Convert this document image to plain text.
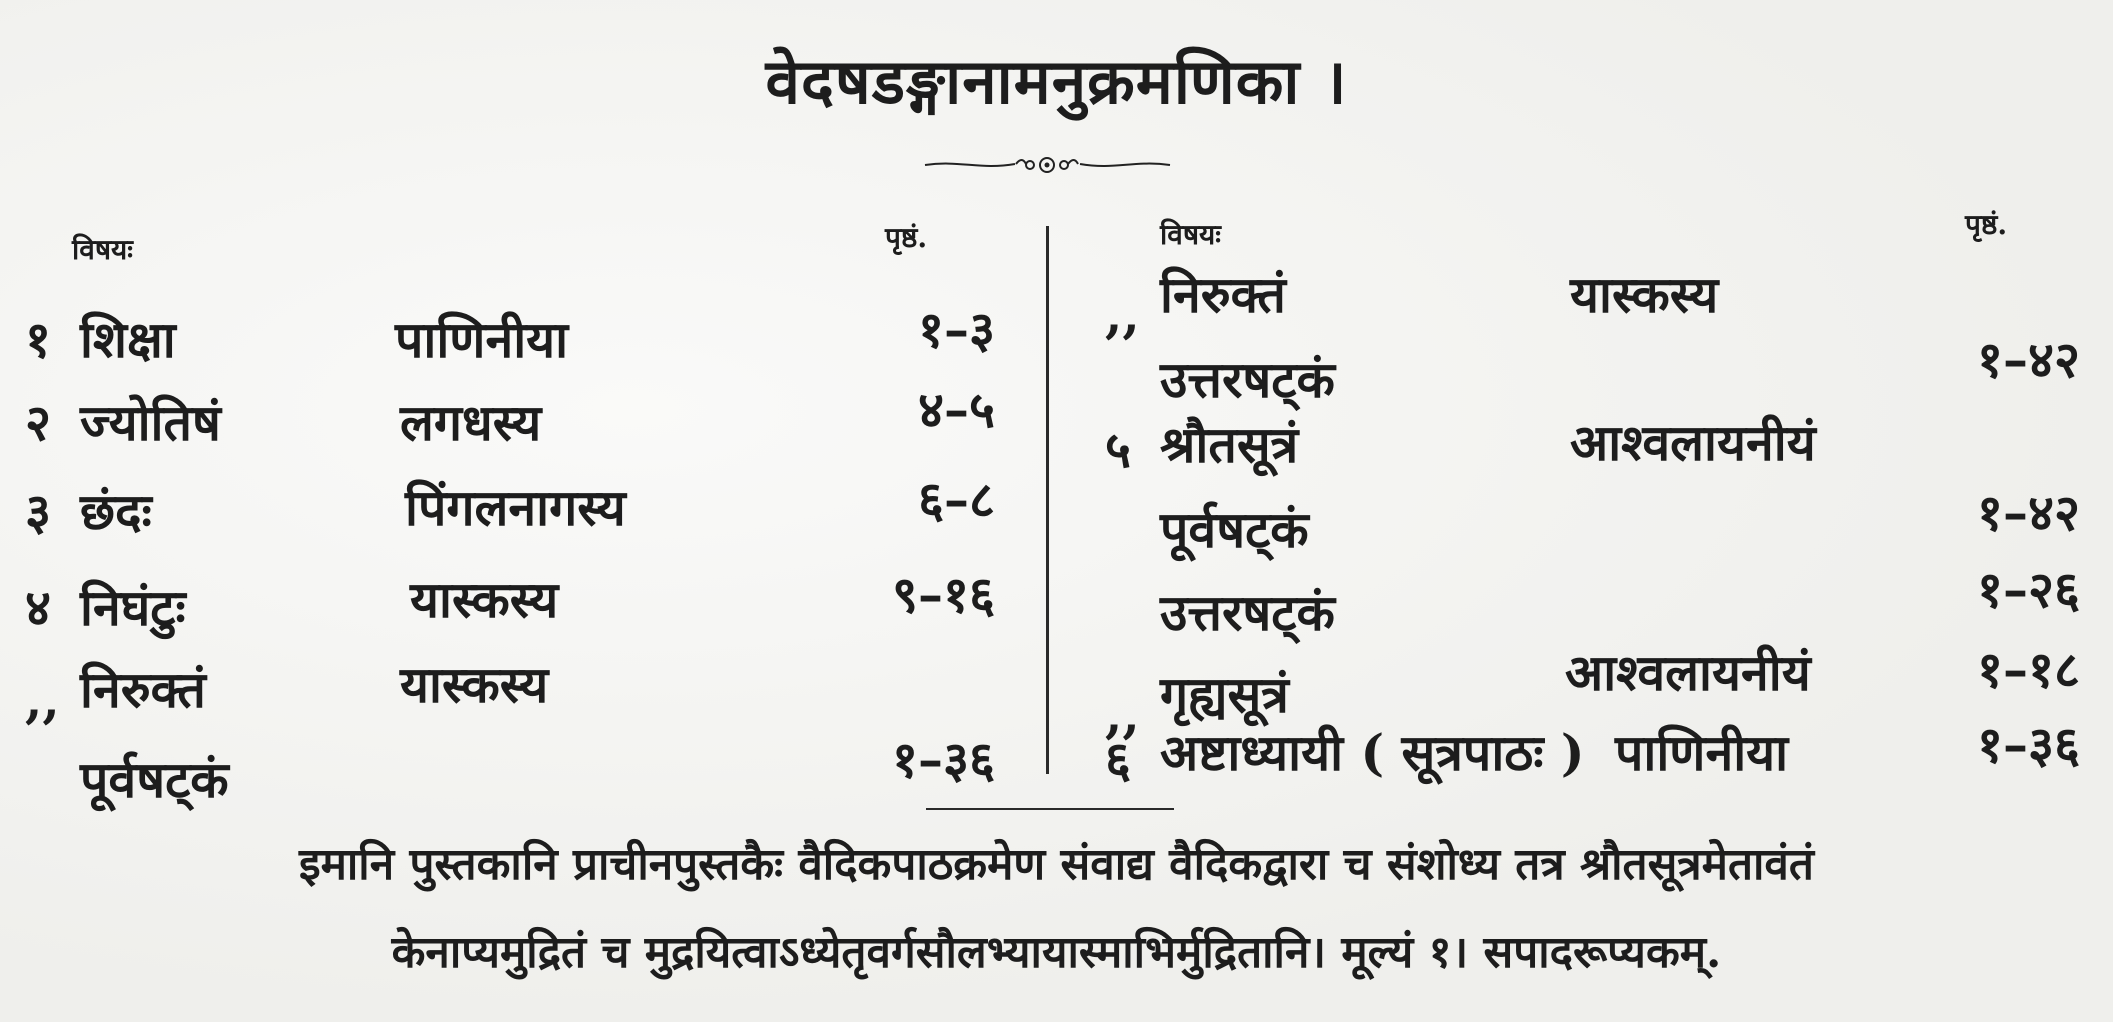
वेदषडङ्गानामनुक्रमणिका ।
विषयः	पृष्ठं.	विषयः	पृष्ठं.
१ शिक्षा	पाणिनीया	१–३
२ ज्योतिषं	लगधस्य	४–५
३ छंदः	पिंगलनागस्य	६–८
४ निघंटुः	यास्कस्य	९–१६
,, निरुक्तं	यास्कस्य
पूर्वषट्कं	१–३६
,, निरुक्तं	यास्कस्य
उत्तरषट्कं	१–४२
५ श्रौतसूत्रं	आश्वलायनीयं
पूर्वषट्कं	१–४२
उत्तरषट्कं	१–२६
,, गृह्यसूत्रं	आश्वलायनीयं	१–१८
६ अष्टाध्यायी ( सूत्रपाठः ) पाणिनीया	१–३६
इमानि पुस्तकानि प्राचीनपुस्तकैः वैदिकपाठक्रमेण संवाद्य वैदिकद्वारा च संशोध्य तत्र श्रौतसूत्रमेतावंतं
केनाप्यमुद्रितं च मुद्रयित्वाऽध्येतृवर्गसौलभ्यायास्माभिर्मुद्रितानि। मूल्यं १। सपादरूप्यकम्.
